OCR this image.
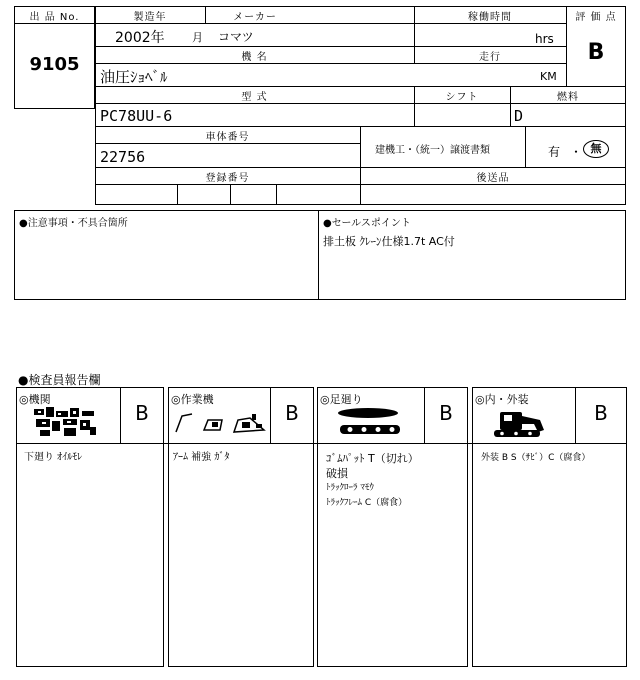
出 品 No.
9105
製造年	メーカー	稼働時間	評 価 点
2002年 月 コマツ	hrs
B
機 名	走行
油圧ｼｮﾍﾞﾙ	KM
型 式	シフト	燃料
PC78UU-6	D
車体番号
建機工・（統一）譲渡書類
22756	有 ・ 無
登録番号	後送品
● 注意事項・不具合箇所
●	セールスポイント
排土板 ｸﾚｰﾝ仕様1.7t AC付
● 検査員報告欄
◎機関	◎作業機	◎足廻り	◎内・外装
B	B	B	B
下廻り ｵｲﾙﾓﾚ	ｱｰﾑ 補強 ｶﾞﾀ	ｺﾞﾑﾊﾟｯﾄ T（切れ）
破損
ﾄﾗｯｸﾛｰﾗ ﾏﾓｳ
ﾄﾗｯｸﾌﾚｰﾑ C（腐食）
外装 B S（ｻﾋﾞ）C（腐食）
